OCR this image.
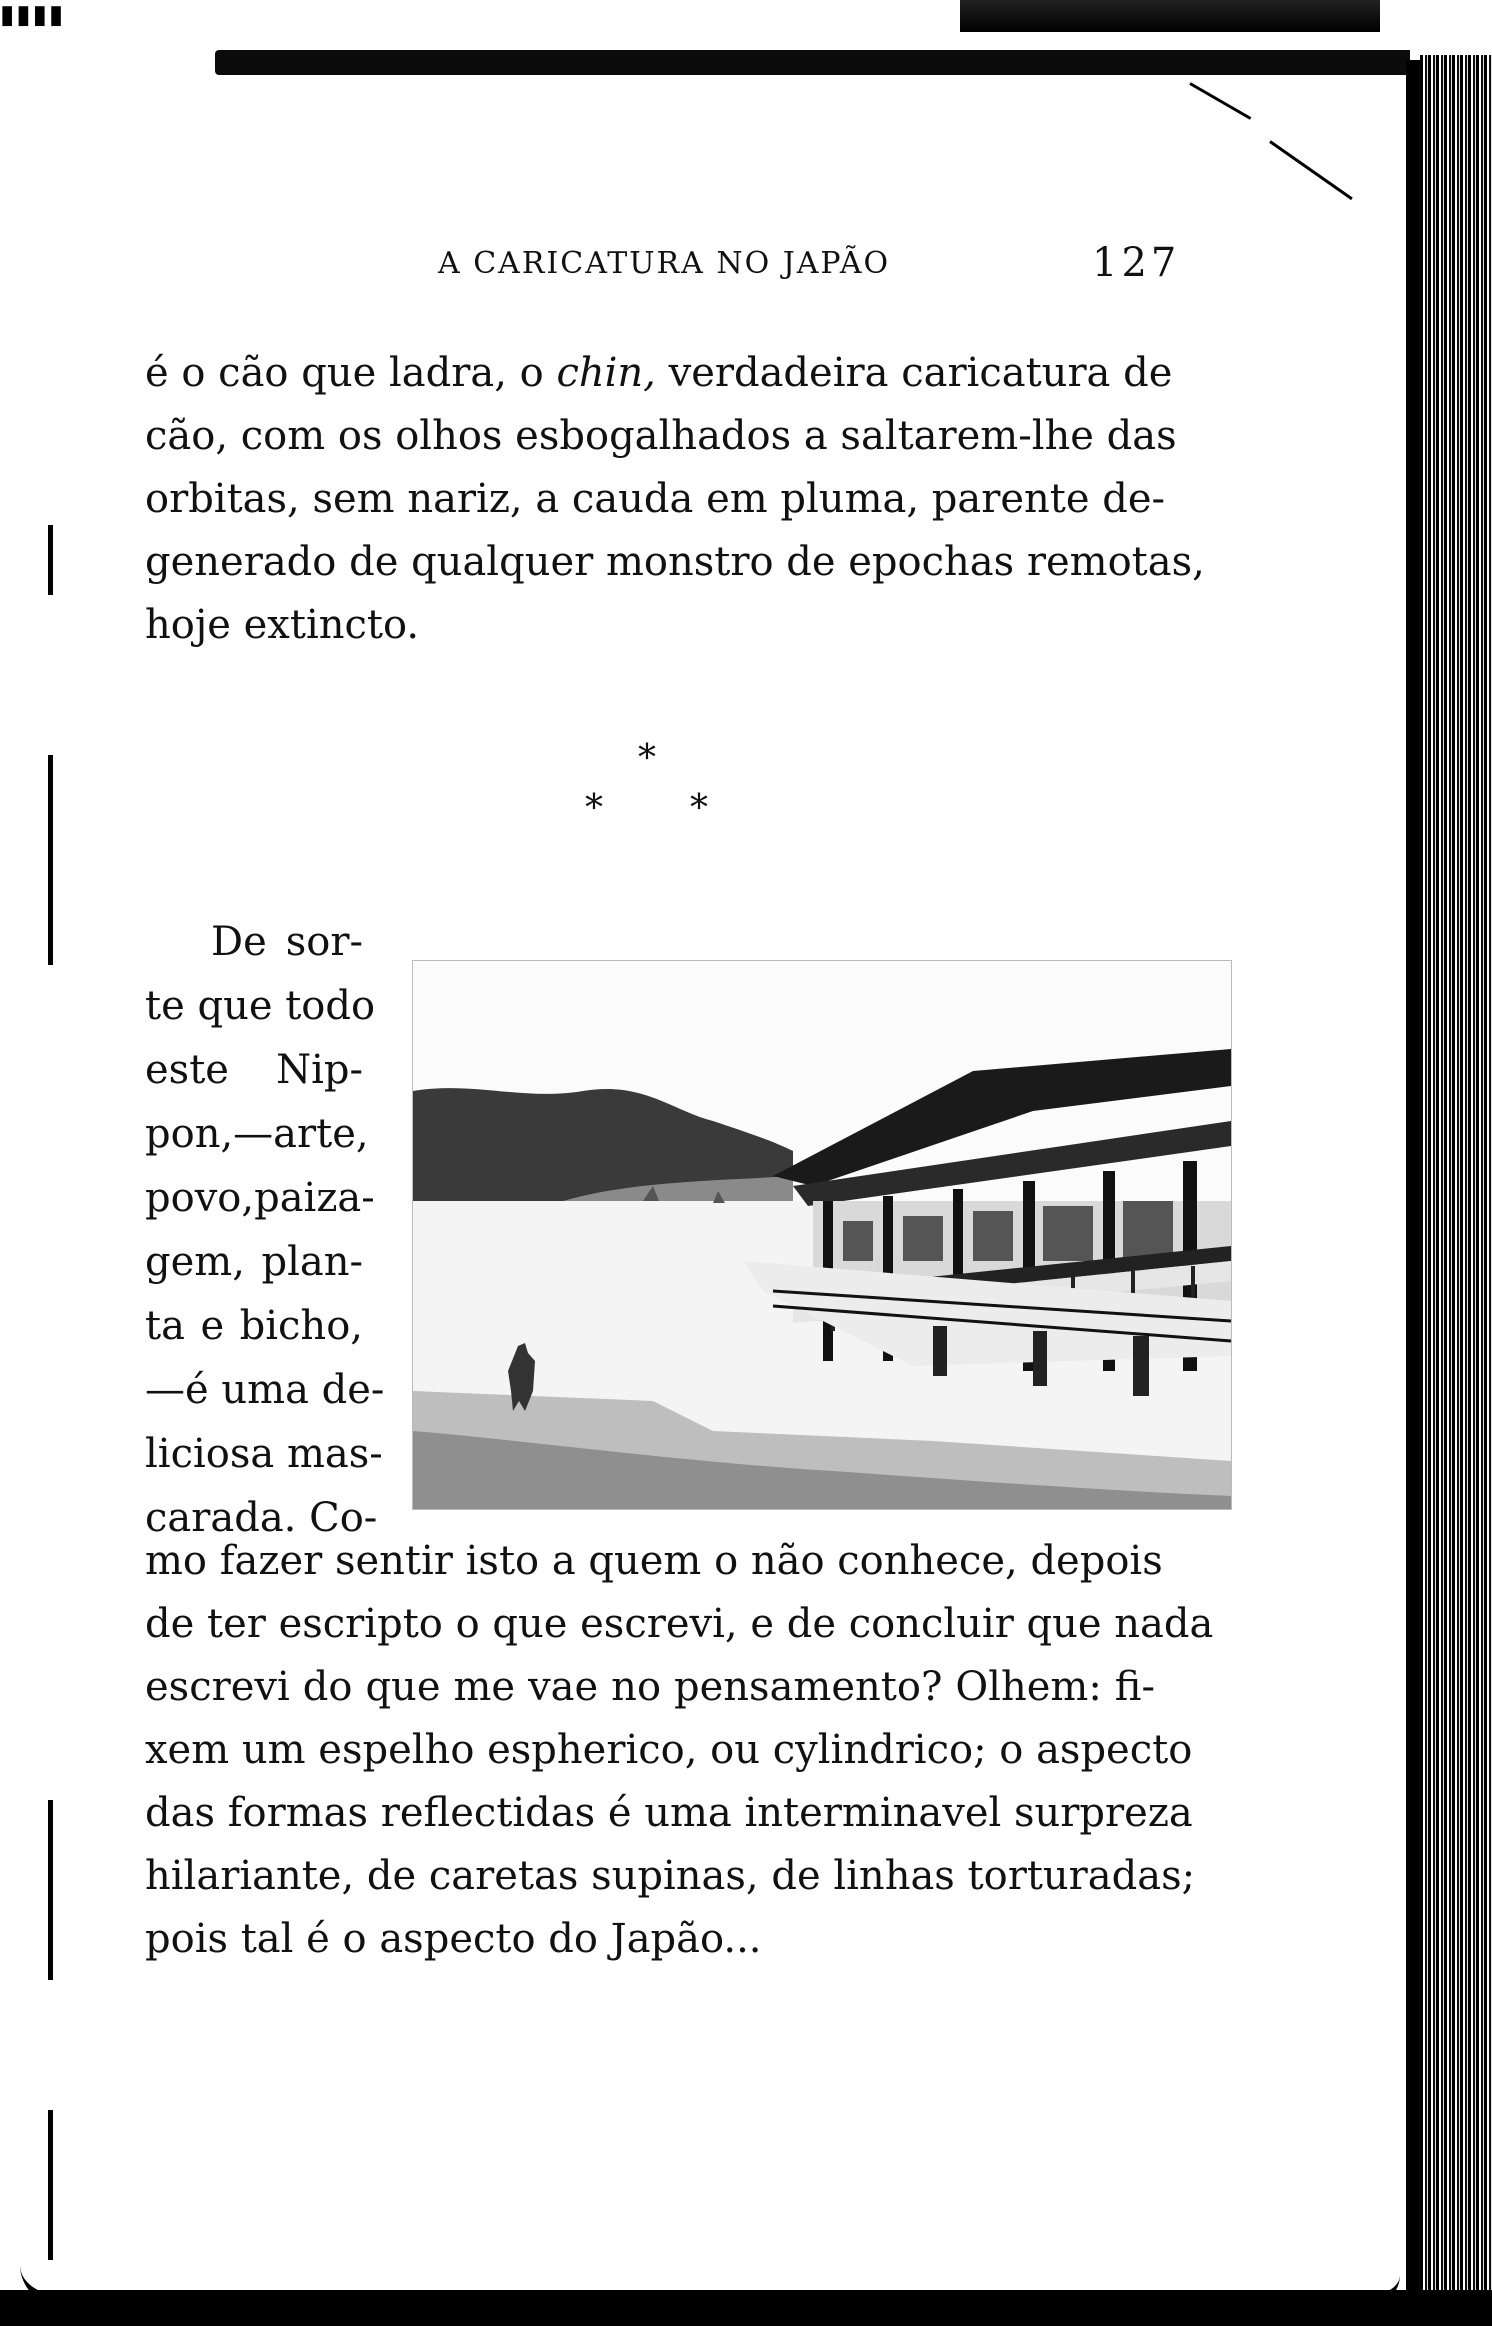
▮▮▮▮
A CARICATURA NO JAPÃO	127
é o cão que ladra, o chin, verdadeira caricatura de
cão, com os olhos esbogalhados a saltarem-lhe das
orbitas, sem nariz, a cauda em pluma, parente de-
generado de qualquer monstro de epochas remotas,
hoje extincto.
*
* *
De sor-
te que todo
este Nip-
pon,—arte,
povo,paiza-
gem, plan-
ta e bicho,
—é uma de-
liciosa mas-
carada. Co-
mo fazer sentir isto a quem o não conhece, depois
de ter escripto o que escrevi, e de concluir que nada
escrevi do que me vae no pensamento? Olhem: fi-
xem um espelho espherico, ou cylindrico; o aspecto
das formas reflectidas é uma interminavel surpreza
hilariante, de caretas supinas, de linhas torturadas;
pois tal é o aspecto do Japão...
